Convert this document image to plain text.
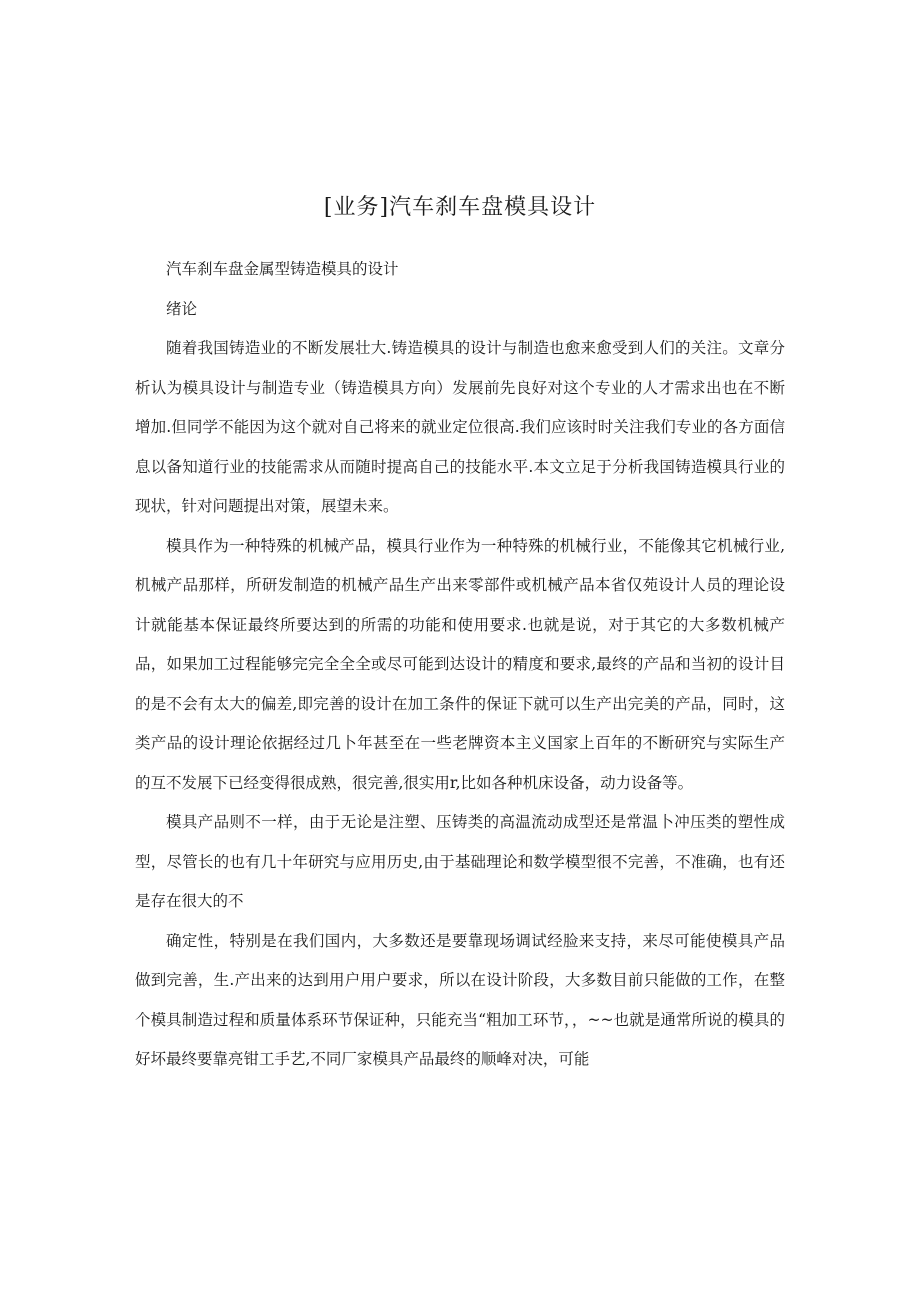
[业务]汽车刹车盘模具设计

汽车刹车盘金属型铸造模具的设计

绪论

随着我国铸造业的不断发展壮大.铸造模具的设计与制造也愈来愈受到人们的关注。文章分析认为模具设计与制造专业（铸造模具方向）发展前先良好对这个专业的人才需求出也在不断增加.但同学不能因为这个就对自己将来的就业定位很高.我们应该时时关注我们专业的各方面信息以备知道行业的技能需求从而随时提高自己的技能水平.本文立足于分析我国铸造模具行业的现状，针对问题提出对策，展望未来。

模具作为一种特殊的机械产品，模具行业作为一种特殊的机械行业，不能像其它机械行业,机械产品那样，所研发制造的机械产品生产出来零部件或机械产品本省仅苑设计人员的理论设计就能基本保证最终所要达到的所需的功能和使用要求.也就是说，对于其它的大多数机械产品，如果加工过程能够完完全全全或尽可能到达设计的精度和要求,最终的产品和当初的设计目的是不会有太大的偏差,即完善的设计在加工条件的保证下就可以生产出完美的产品，同时，这类产品的设计理论依据经过几卜年甚至在一些老牌资本主义国家上百年的不断研究与实际生产的互不发展下已经变得很成熟，很完善,很实用r,比如各种机床设备，动力设备等。

模具产品则不一样，由于无论是注塑、压铸类的高温流动成型还是常温卜冲压类的塑性成型，尽管长的也有几十年研究与应用历史,由于基础理论和数学模型很不完善，不准确，也有还是存在很大的不

确定性，特别是在我们国内，大多数还是要靠现场调试经脸来支持，来尽可能使模具产品做到完善，生.产出来的达到用户用户要求，所以在设计阶段，大多数目前只能做的工作，在整个模具制造过程和质量体系环节保证种，只能充当“粗加工环节，，~~也就是通常所说的模具的好坏最终要靠亮钳工手艺,不同厂家模具产品最终的顺峰对决，可能
